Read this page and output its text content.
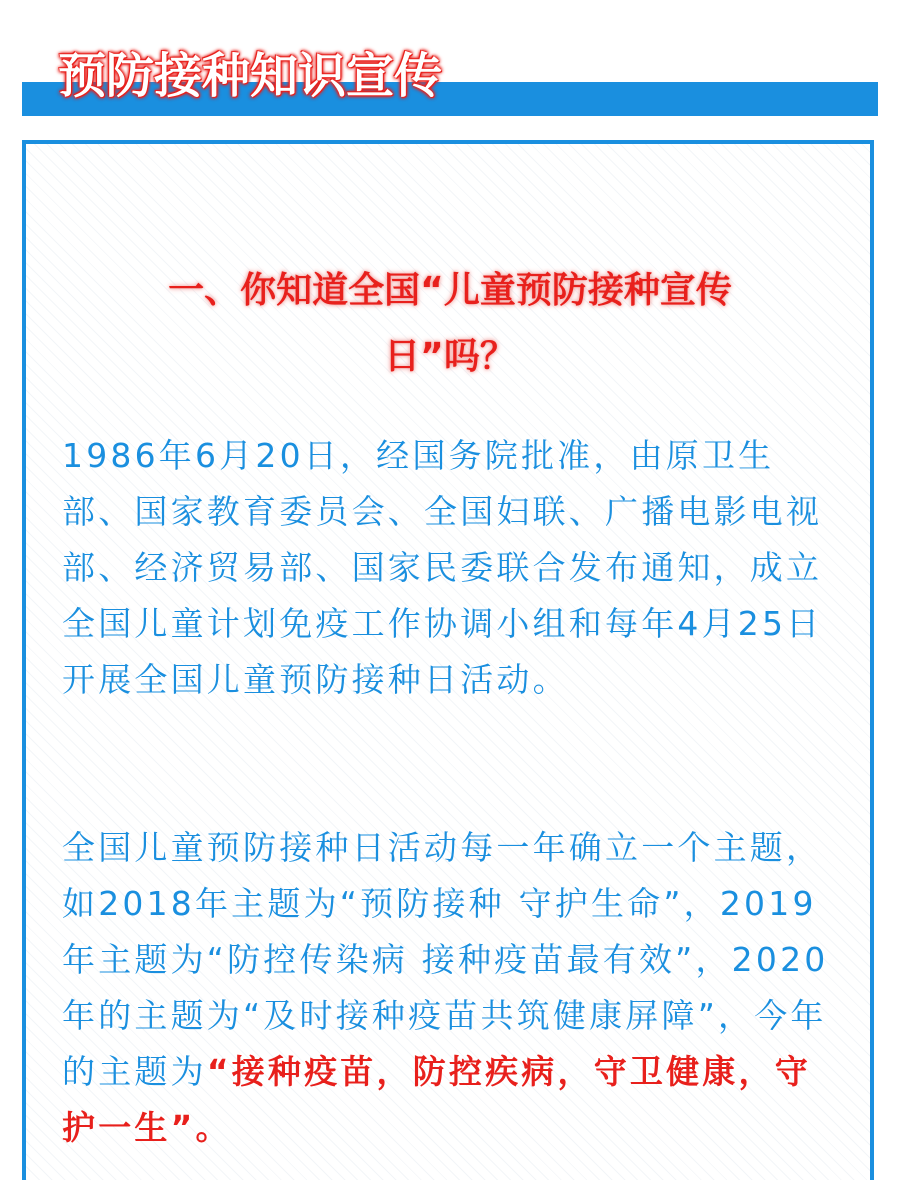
预防接种知识宣传
一、你知道全国“儿童预防接种宣传日”吗？

1986年6月20日，经国务院批准，由原卫生部、国家教育委员会、全国妇联、广播电影电视部、经济贸易部、国家民委联合发布通知，成立全国儿童计划免疫工作协调小组和每年4月25日开展全国儿童预防接种日活动。

全国儿童预防接种日活动每一年确立一个主题，如2018年主题为“预防接种 守护生命”，2019年主题为“防控传染病 接种疫苗最有效”，2020年的主题为“及时接种疫苗共筑健康屏障”，今年的主题为“接种疫苗，防控疾病，守卫健康，守护一生”。
